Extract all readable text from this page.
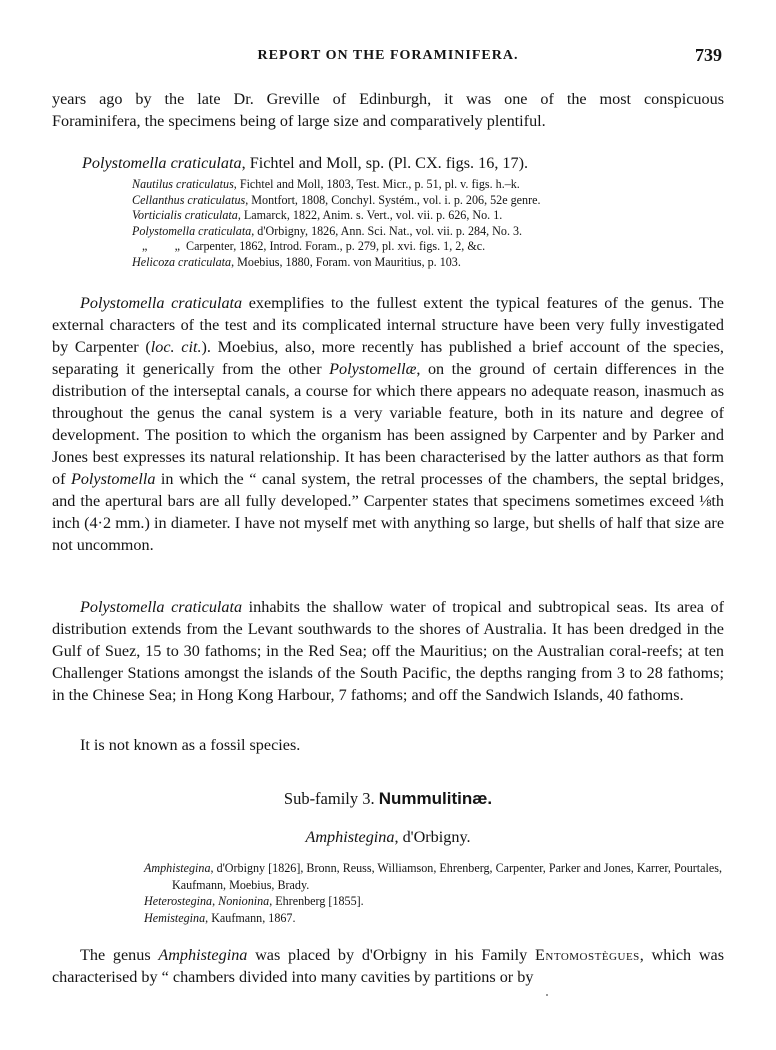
REPORT ON THE FORAMINIFERA.	739

years ago by the late Dr. Greville of Edinburgh, it was one of the most conspicuous

Foraminifera, the specimens being of large size and comparatively plentiful.

Polystomella craticulata, Fichtel and Moll, sp. (Pl. CX. figs. 16, 17).

Nautilus craticulatus, Fichtel and Moll, 1803, Test. Micr., p. 51, pl. v. figs. h.–k.

Cellanthus craticulatus, Montfort, 1808, Conchyl. Systém., vol. i. p. 206, 52e genre.

Vorticialis craticulata, Lamarck, 1822, Anim. s. Vert., vol. vii. p. 626, No. 1.

Polystomella craticulata, d'Orbigny, 1826, Ann. Sci. Nat., vol. vii. p. 284, No. 3.

„         „  Carpenter, 1862, Introd. Foram., p. 279, pl. xvi. figs. 1, 2, &c.

Helicoza craticulata, Moebius, 1880, Foram. von Mauritius, p. 103.

Polystomella craticulata exemplifies to the fullest extent the typical features of the genus. The external characters of the test and its complicated internal structure have been very fully investigated by Carpenter (loc. cit.). Moebius, also, more recently has published a brief account of the species, separating it generically from the other Polystomellæ, on the ground of certain differences in the distribution of the interseptal canals, a course for which there appears no adequate reason, inasmuch as throughout the genus the canal system is a very variable feature, both in its nature and degree of development. The position to which the organism has been assigned by Carpenter and by Parker and Jones best expresses its natural relationship. It has been characterised by the latter authors as that form of Polystomella in which the “ canal system, the retral processes of the chambers, the septal bridges, and the apertural bars are all fully developed.” Carpenter states that specimens sometimes exceed ⅛th inch (4·2 mm.) in diameter. I have not myself met with anything so large, but shells of half that size are not uncommon.

Polystomella craticulata inhabits the shallow water of tropical and subtropical seas. Its area of distribution extends from the Levant southwards to the shores of Australia. It has been dredged in the Gulf of Suez, 15 to 30 fathoms; in the Red Sea; off the Mauritius; on the Australian coral-reefs; at ten Challenger Stations amongst the islands of the South Pacific, the depths ranging from 3 to 28 fathoms; in the Chinese Sea; in Hong Kong Harbour, 7 fathoms; and off the Sandwich Islands, 40 fathoms.

It is not known as a fossil species.

Sub-family 3. Nummulitinæ.

Amphistegina, d'Orbigny.

Amphistegina, d'Orbigny [1826], Bronn, Reuss, Williamson, Ehrenberg, Carpenter, Parker and Jones, Karrer, Pourtales, Kaufmann, Moebius, Brady.

Heterostegina, Nonionina, Ehrenberg [1855].

Hemistegina, Kaufmann, 1867.

The genus Amphistegina was placed by d'Orbigny in his Family Entomostègues, which was characterised by “ chambers divided into many cavities by partitions or by
